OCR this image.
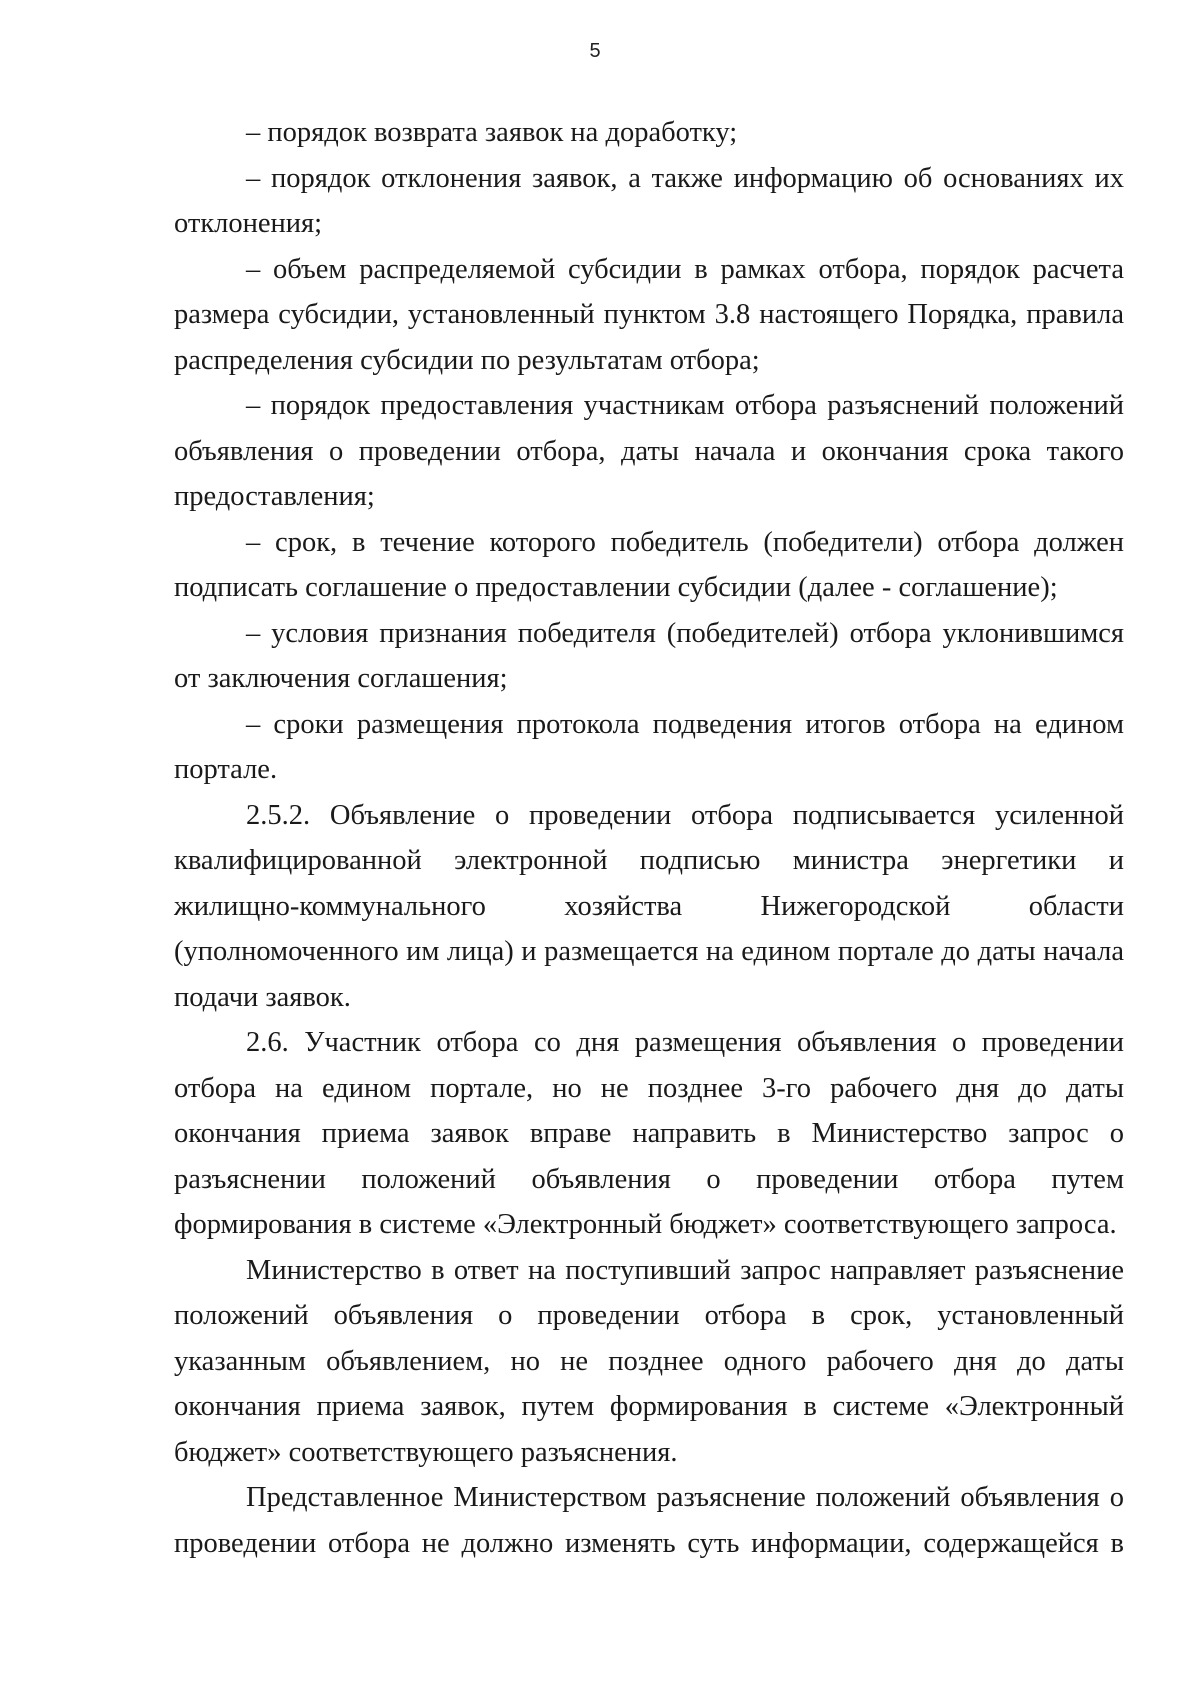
5

– порядок возврата заявок на доработку;

– порядок отклонения заявок, а также информацию об основаниях их отклонения;

– объем распределяемой субсидии в рамках отбора, порядок расчета размера субсидии, установленный пунктом 3.8 настоящего Порядка, правила распределения субсидии по результатам отбора;

– порядок предоставления участникам отбора разъяснений положений объявления о проведении отбора, даты начала и окончания срока такого предоставления;

– срок, в течение которого победитель (победители) отбора должен подписать соглашение о предоставлении субсидии (далее - соглашение);

– условия признания победителя (победителей) отбора уклонившимся от заключения соглашения;

– сроки размещения протокола подведения итогов отбора на едином портале.

2.5.2. Объявление о проведении отбора подписывается усиленной квалифицированной электронной подписью министра энергетики и жилищно-коммунального хозяйства Нижегородской области (уполномоченного им лица) и размещается на едином портале до даты начала подачи заявок.

2.6. Участник отбора со дня размещения объявления о проведении отбора на едином портале, но не позднее 3-го рабочего дня до даты окончания приема заявок вправе направить в Министерство запрос о разъяснении положений объявления о проведении отбора путем формирования в системе «Электронный бюджет» соответствующего запроса.

Министерство в ответ на поступивший запрос направляет разъяснение положений объявления о проведении отбора в срок, установленный указанным объявлением, но не позднее одного рабочего дня до даты окончания приема заявок, путем формирования в системе «Электронный бюджет» соответствующего разъяснения.

Представленное Министерством разъяснение положений объявления о проведении отбора не должно изменять суть информации, содержащейся в
